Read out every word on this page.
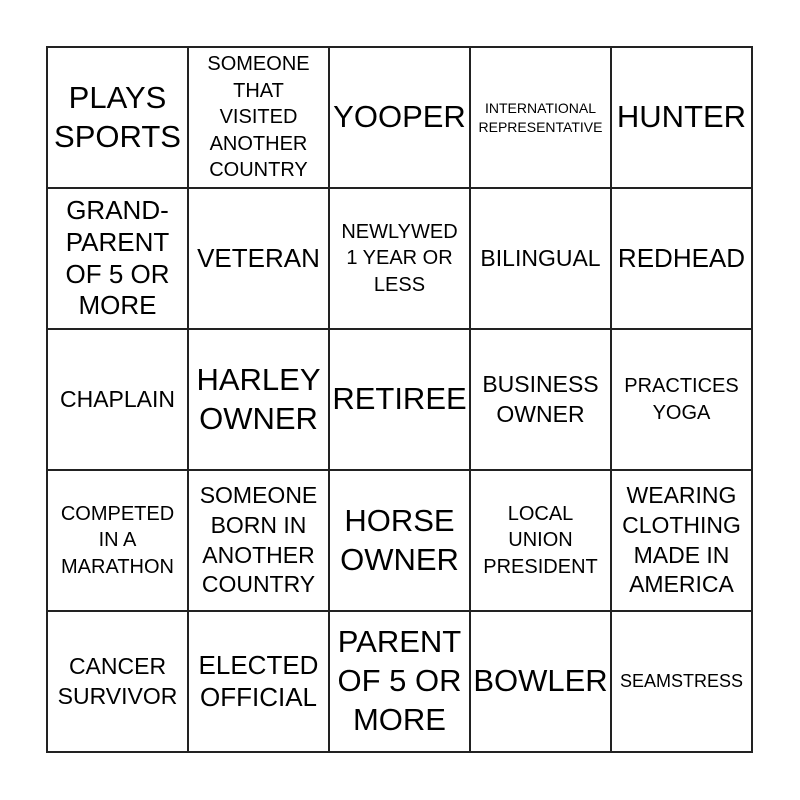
PLAYS
SPORTS
SOMEONE
THAT
VISITED
ANOTHER
COUNTRY
YOOPER	INTERNATIONAL
REPRESENTATIVE HUNTER
GRAND-
PARENT
OF 5 OR
MORE
VETERAN
NEWLYWED
1 YEAR OR
LESS
BILINGUAL REDHEAD
CHAPLAIN
HARLEY
OWNER
RETIREE BUSINESS
OWNER
PRACTICES
YOGA
COMPETED
IN A
MARATHON
SOMEONE
BORN IN
ANOTHER
COUNTRY
HORSE
OWNER
LOCAL
UNION
PRESIDENT
WEARING
CLOTHING
MADE IN
AMERICA
CANCER
SURVIVOR
ELECTED
OFFICIAL
PARENT
OF 5 OR
MORE
BOWLER SEAMSTRESS
